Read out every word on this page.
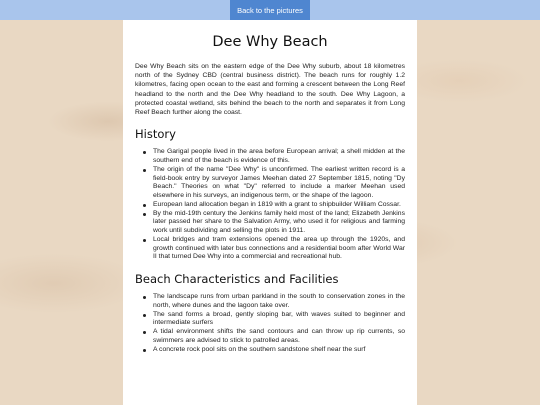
Back to the pictures
Dee Why Beach

Dee Why Beach sits on the eastern edge of the Dee Why suburb, about 18 kilometres north of the Sydney CBD (central business district). The beach runs for roughly 1.2 kilometres, facing open ocean to the east and forming a crescent between the Long Reef headland to the north and the Dee Why headland to the south. Dee Why Lagoon, a protected coastal wetland, sits behind the beach to the north and separates it from Long Reef Beach further along the coast.

History
The Garigal people lived in the area before European arrival; a shell midden at the southern end of the beach is evidence of this.
The origin of the name "Dee Why" is unconfirmed. The earliest written record is a field-book entry by surveyor James Meehan dated 27 September 1815, noting "Dy Beach." Theories on what "Dy" referred to include a marker Meehan used elsewhere in his surveys, an indigenous term, or the shape of the lagoon.
European land allocation began in 1819 with a grant to shipbuilder William Cossar.
By the mid-19th century the Jenkins family held most of the land; Elizabeth Jenkins later passed her share to the Salvation Army, who used it for religious and farming work until subdividing and selling the plots in 1911.
Local bridges and tram extensions opened the area up through the 1920s, and growth continued with later bus connections and a residential boom after World War II that turned Dee Why into a commercial and recreational hub.
Beach Characteristics and Facilities
The landscape runs from urban parkland in the south to conservation zones in the north, where dunes and the lagoon take over.
The sand forms a broad, gently sloping bar, with waves suited to beginner and intermediate surfers
A tidal environment shifts the sand contours and can throw up rip currents, so swimmers are advised to stick to patrolled areas.
A concrete rock pool sits on the southern sandstone shelf near the surf
